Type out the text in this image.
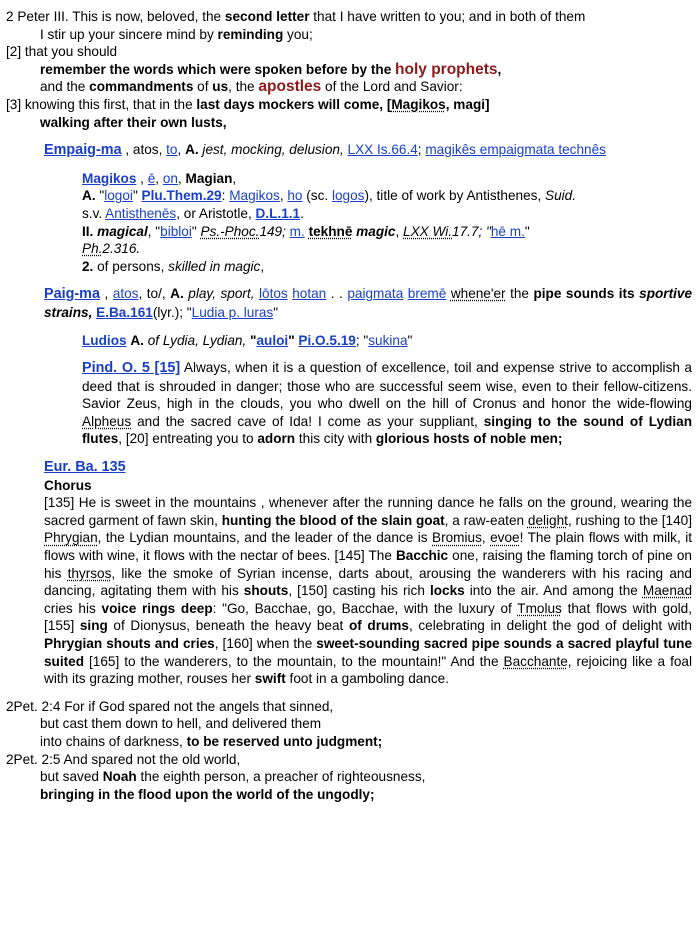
2 Peter III. This is now, beloved, the second letter that I have written to you; and in both of them

I stir up your sincere mind by reminding you;

[2] that you should

remember the words which were spoken before by the holy prophets,

and the commandments of us, the apostles of the Lord and Savior:

[3] knowing this first, that in the last days mockers will come, [Magikos, magi]

walking after their own lusts,

Empaig-ma , atos, to, A. jest, mocking, delusion, LXX Is.66.4; magikês empaigmata technês

Magikos , ē, on, Magian,

A. "logoi" Plu.Them.29: Magikos, ho (sc. logos), title of work by Antisthenes, Suid.

s.v. Antisthenēs, or Aristotle, D.L.1.1.

II. magical, "bibloi" Ps.-Phoc.149; m. tekhnē magic, LXX Wi.17.7; "hē m."

Ph.2.316.

2. of persons, skilled in magic,

Paig-ma , atos, to/, A. play, sport, lōtos hotan . . paigmata bremē whene'er the pipe sounds its sportive strains, E.Ba.161(lyr.); "Ludia p. luras"

Ludios A. of Lydia, Lydian, "auloi" Pi.O.5.19; "sukina"

Pind. O. 5 [15] Always, when it is a question of excellence, toil and expense strive to accomplish a deed that is shrouded in danger; those who are successful seem wise, even to their fellow-citizens. Savior Zeus, high in the clouds, you who dwell on the hill of Cronus and honor the wide-flowing Alpheus and the sacred cave of Ida! I come as your suppliant, singing to the sound of Lydian flutes, [20] entreating you to adorn this city with glorious hosts of noble men;

Eur. Ba. 135

Chorus

[135] He is sweet in the mountains , whenever after the running dance he falls on the ground, wearing the sacred garment of fawn skin, hunting the blood of the slain goat, a raw-eaten delight, rushing to the [140] Phrygian, the Lydian mountains, and the leader of the dance is Bromius, evoe! The plain flows with milk, it flows with wine, it flows with the nectar of bees. [145] The Bacchic one, raising the flaming torch of pine on his thyrsos, like the smoke of Syrian incense, darts about, arousing the wanderers with his racing and dancing, agitating them with his shouts, [150] casting his rich locks into the air. And among the Maenad cries his voice rings deep: "Go, Bacchae, go, Bacchae, with the luxury of Tmolus that flows with gold, [155] sing of Dionysus, beneath the heavy beat of drums, celebrating in delight the god of delight with Phrygian shouts and cries, [160] when the sweet-sounding sacred pipe sounds a sacred playful tune suited [165] to the wanderers, to the mountain, to the mountain!" And the Bacchante, rejoicing like a foal with its grazing mother, rouses her swift foot in a gamboling dance.

2Pet. 2:4 For if God spared not the angels that sinned,

but cast them down to hell, and delivered them

into chains of darkness, to be reserved unto judgment;

2Pet. 2:5 And spared not the old world,

but saved Noah the eighth person, a preacher of righteousness,

bringing in the flood upon the world of the ungodly;
